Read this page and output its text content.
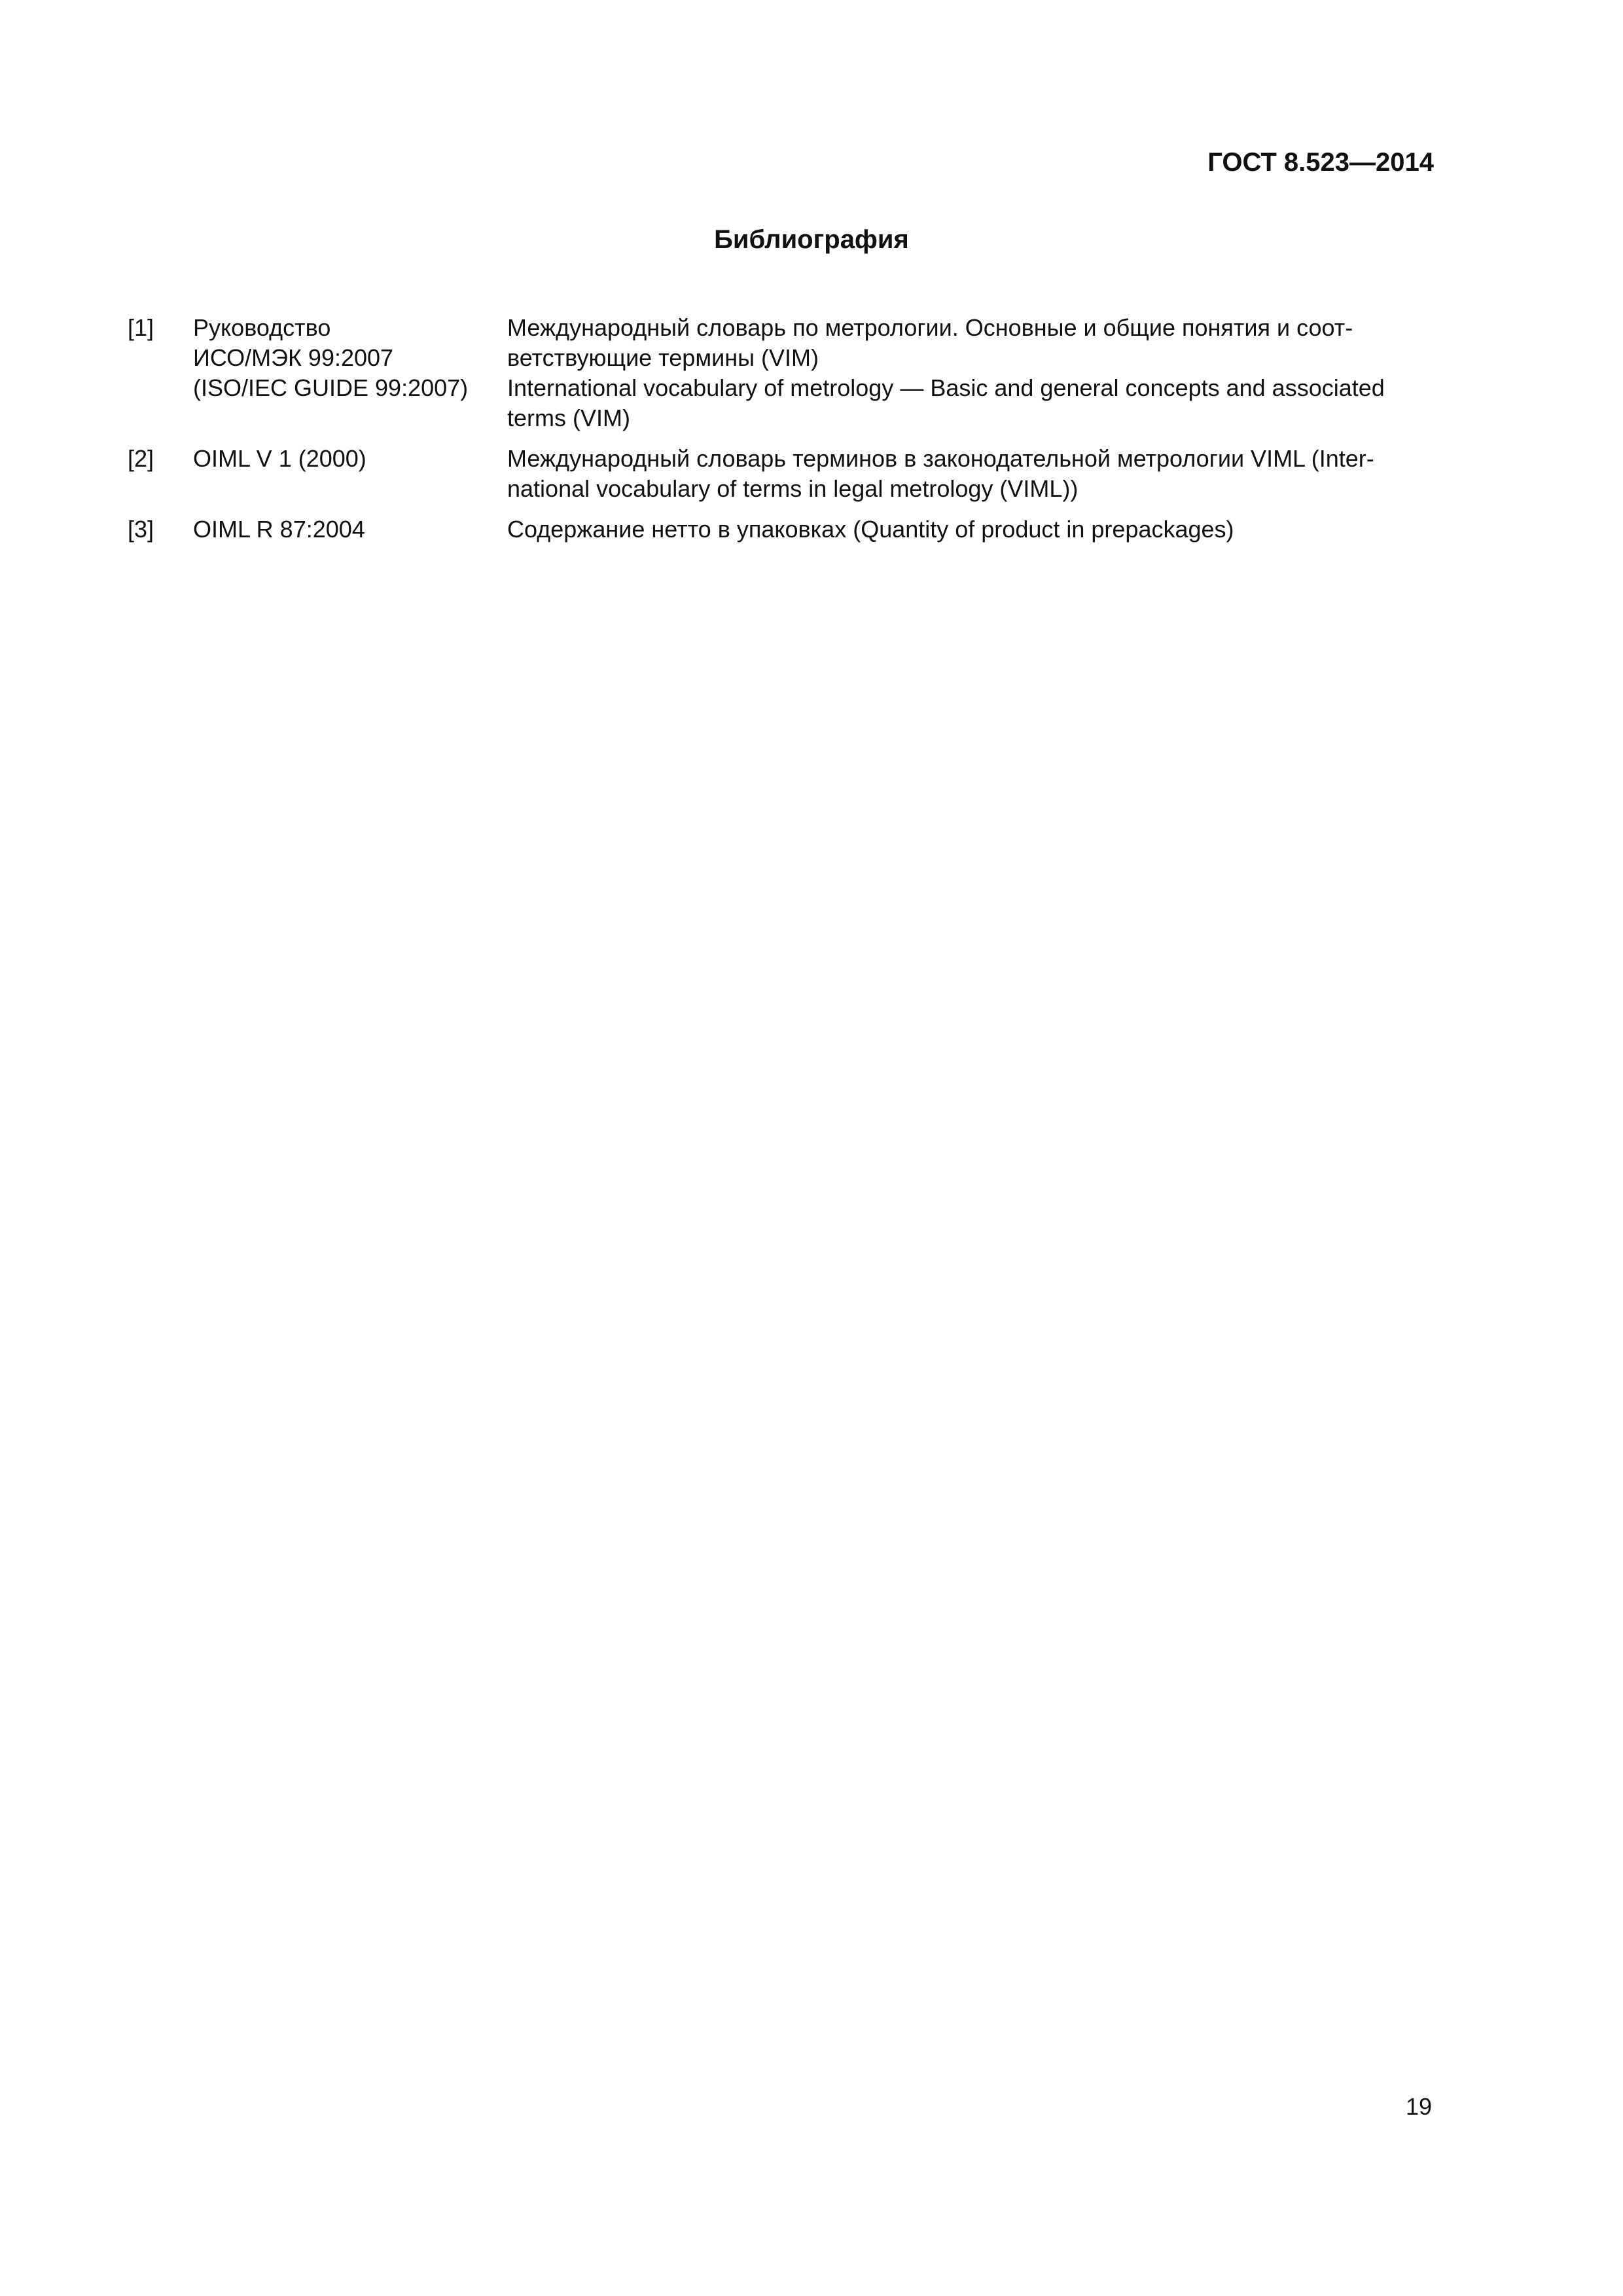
ГОСТ 8.523—2014
Библиография
[1]	Руководство
ИСО/МЭК 99:2007
(ISO/IEC GUIDE 99:2007)	Международный словарь по метрологии. Основные и общие понятия и соот-
ветствующие термины (VIM)
International vocabulary of metrology — Basic and general concepts and associated
terms (VIM)

[2]	OIML V 1 (2000)	Международный словарь терминов в законодательной метрологии VIML (Inter-
national vocabulary of terms in legal metrology (VIML))

[3]	OIML R 87:2004	Содержание нетто в упаковках (Quantity of product in prepackages)
19
